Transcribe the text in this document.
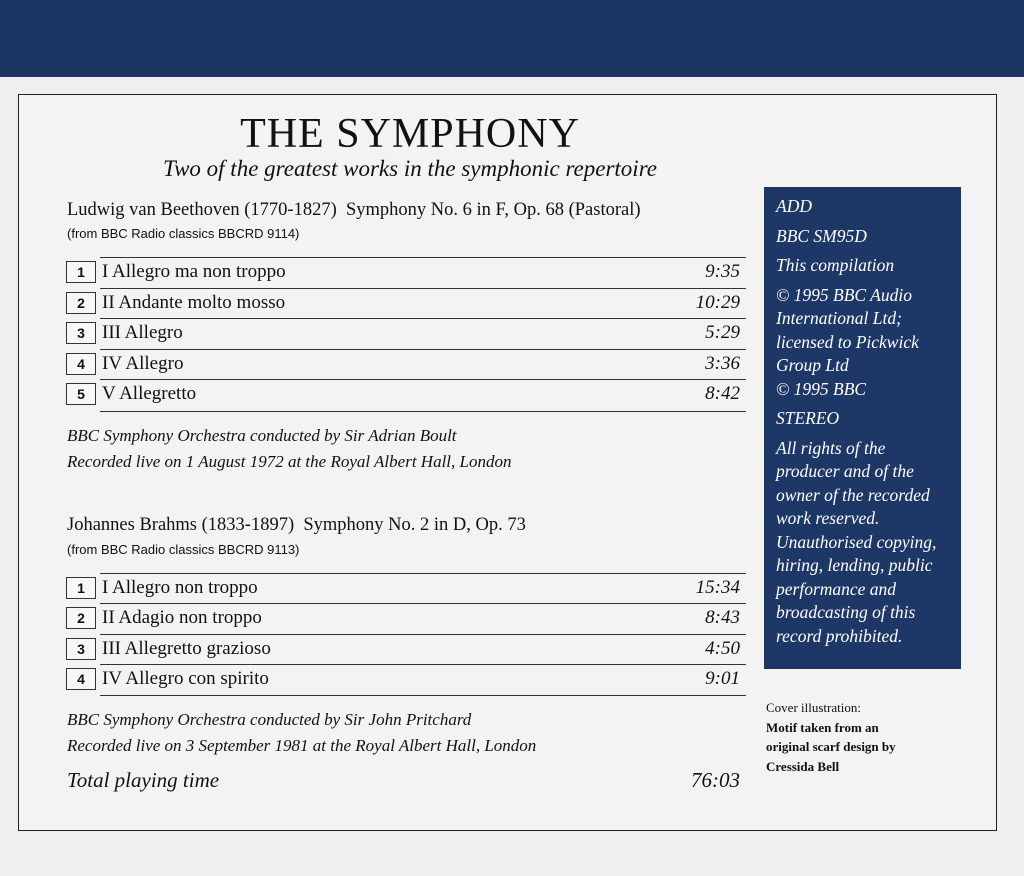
THE SYMPHONY
Two of the greatest works in the symphonic repertoire
Ludwig van Beethoven (1770-1827) Symphony No. 6 in F, Op. 68 (Pastoral)
(from BBC Radio classics BBCRD 9114)
1 I Allegro ma non troppo	9:35
2 II Andante molto mosso	10:29
3 III Allegro	5:29
4 IV Allegro	3:36
5 V Allegretto	8:42
BBC Symphony Orchestra conducted by Sir Adrian Boult
Recorded live on 1 August 1972 at the Royal Albert Hall, London
Johannes Brahms (1833-1897) Symphony No. 2 in D, Op. 73
(from BBC Radio classics BBCRD 9113)
1 I Allegro non troppo	15:34
2 II Adagio non troppo	8:43
3 III Allegretto grazioso	4:50
4 IV Allegro con spirito	9:01
BBC Symphony Orchestra conducted by Sir John Pritchard
Recorded live on 3 September 1981 at the Royal Albert Hall, London
Total playing time	76:03
ADD
BBC SM95D
This compilation
© 1995 BBC Audio
International Ltd;
licensed to Pickwick
Group Ltd
© 1995 BBC
STEREO
All rights of the
producer and of the
owner of the recorded
work reserved.
Unauthorised copying,
hiring, lending, public
performance and
broadcasting of this
record prohibited.
Cover illustration:
Motif taken from an
original scarf design by
Cressida Bell
